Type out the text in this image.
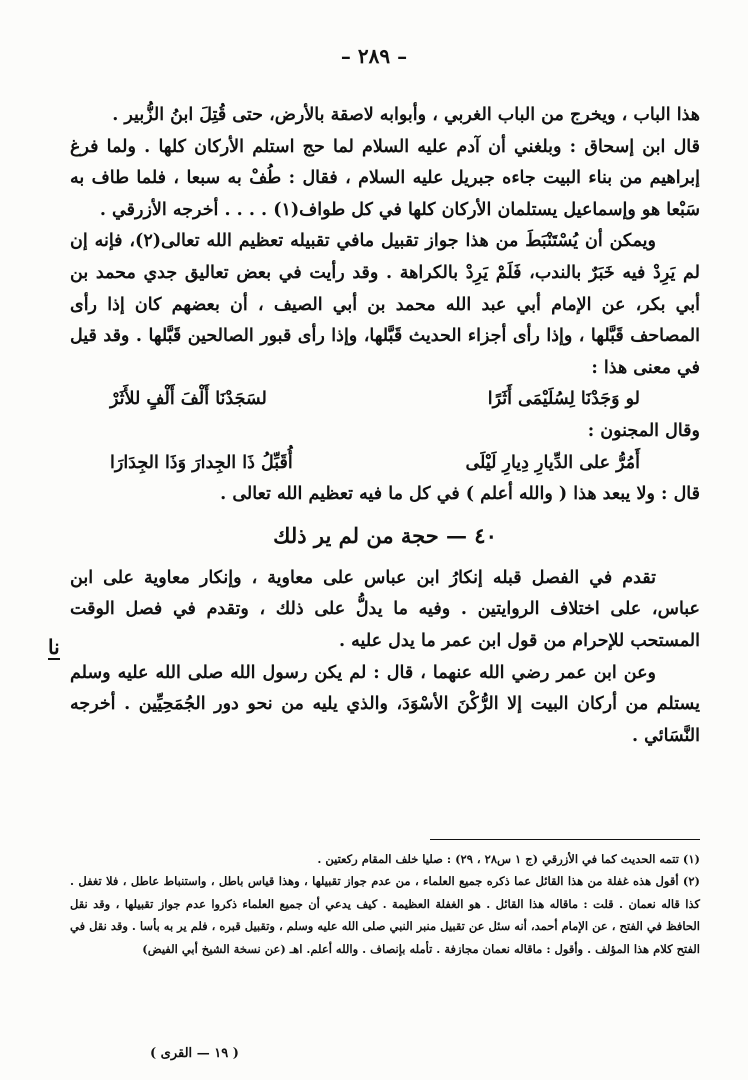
– ٢٨٩ –

هذا الباب ، ويخرج من الباب الغربي ، وأبوابه لاصقة بالأرض، حتى قُتِلَ ابنُ الزُّبير .

قال ابن إسحاق : وبلغني أن آدم عليه السلام لما حج استلم الأركان كلها . ولما فرغ إبراهيم من بناء البيت جاءه جبريل عليه السلام ، فقال : طُفْ به سبعا ، فلما طاف به سَبْعا هو وإسماعيل يستلمان الأركان كلها في كل طواف(١) . . . . أخرجه الأزرقي .

ويمكن أن يُسْتَنْبَطَ من هذا جواز تقبيل مافي تقبيله تعظيم الله تعالى(٢)، فإنه إن لم يَرِدْ فيه خَبَرٌ بالندب، فَلَمْ يَرِدْ بالكراهة . وقد رأيت في بعض تعاليق جدي محمد بن أبي بكر، عن الإمام أبي عبد الله محمد بن أبي الصيف ، أن بعضهم كان إذا رأى المصاحف قَبَّلها ، وإذا رأى أجزاء الحديث قَبَّلها، وإذا رأى قبور الصالحين قَبَّلها . وقد قيل في معنى هذا :

لو وَجَدْنَا لِسُلَيْمَى أَثَرًا
لسَجَدْنَا أَلْفَ أَلْفٍ للأَثَرْ

وقال المجنون :

أَمُرُّ على الدِّيارِ دِيارِ لَيْلَى
أُقَبِّلُ ذَا الجِدارَ وَذَا الجِدَارَا

قال : ولا يبعد هذا ( والله أعلم ) في كل ما فيه تعظيم الله تعالى .

٤٠ — حجة من لم ير ذلك

تقدم في الفصل قبله إنكارُ ابن عباس على معاوية ، وإنكار معاوية على ابن عباس، على اختلاف الروايتين . وفيه ما يدلُّ على ذلك ، وتقدم في فصل الوقت المستحب للإحرام من قول ابن عمر ما يدل عليه .

وعن ابن عمر رضي الله عنهما ، قال : لم يكن رسول الله صلى الله عليه وسلم يستلم من أركان البيت إلا الرُّكْنَ الأسْوَدَ، والذي يليه من نحو دور الجُمَحِيِّين . أخرجه النَّسَائي .

نا

(١) تتمه الحديث كما في الأزرقي (ج ١ س٢٨ ، ٢٩) : صليا خلف المقام ركعتين .

(٢) أقول هذه غفلة من هذا القائل عما ذكره جميع العلماء ، من عدم جواز تقبيلها ، وهذا قياس باطل ، واستنباط عاطل ، فلا تغفل . كذا قاله نعمان . قلت : ماقاله هذا القائل . هو الغفلة العظيمة . كيف يدعي أن جميع العلماء ذكروا عدم جواز تقبيلها ، وقد نقل الحافظ في الفتح ، عن الإمام أحمد، أنه سئل عن تقبيل منبر النبي صلى الله عليه وسلم ، وتقبيل قبره ، فلم ير به بأسا . وقد نقل في الفتح كلام هذا المؤلف . وأقول : ماقاله نعمان مجازفة . تأمله بإنصاف . والله أعلم. اهـ (عن نسخة الشيخ أبي الفيض)

( ١٩ — القرى )
